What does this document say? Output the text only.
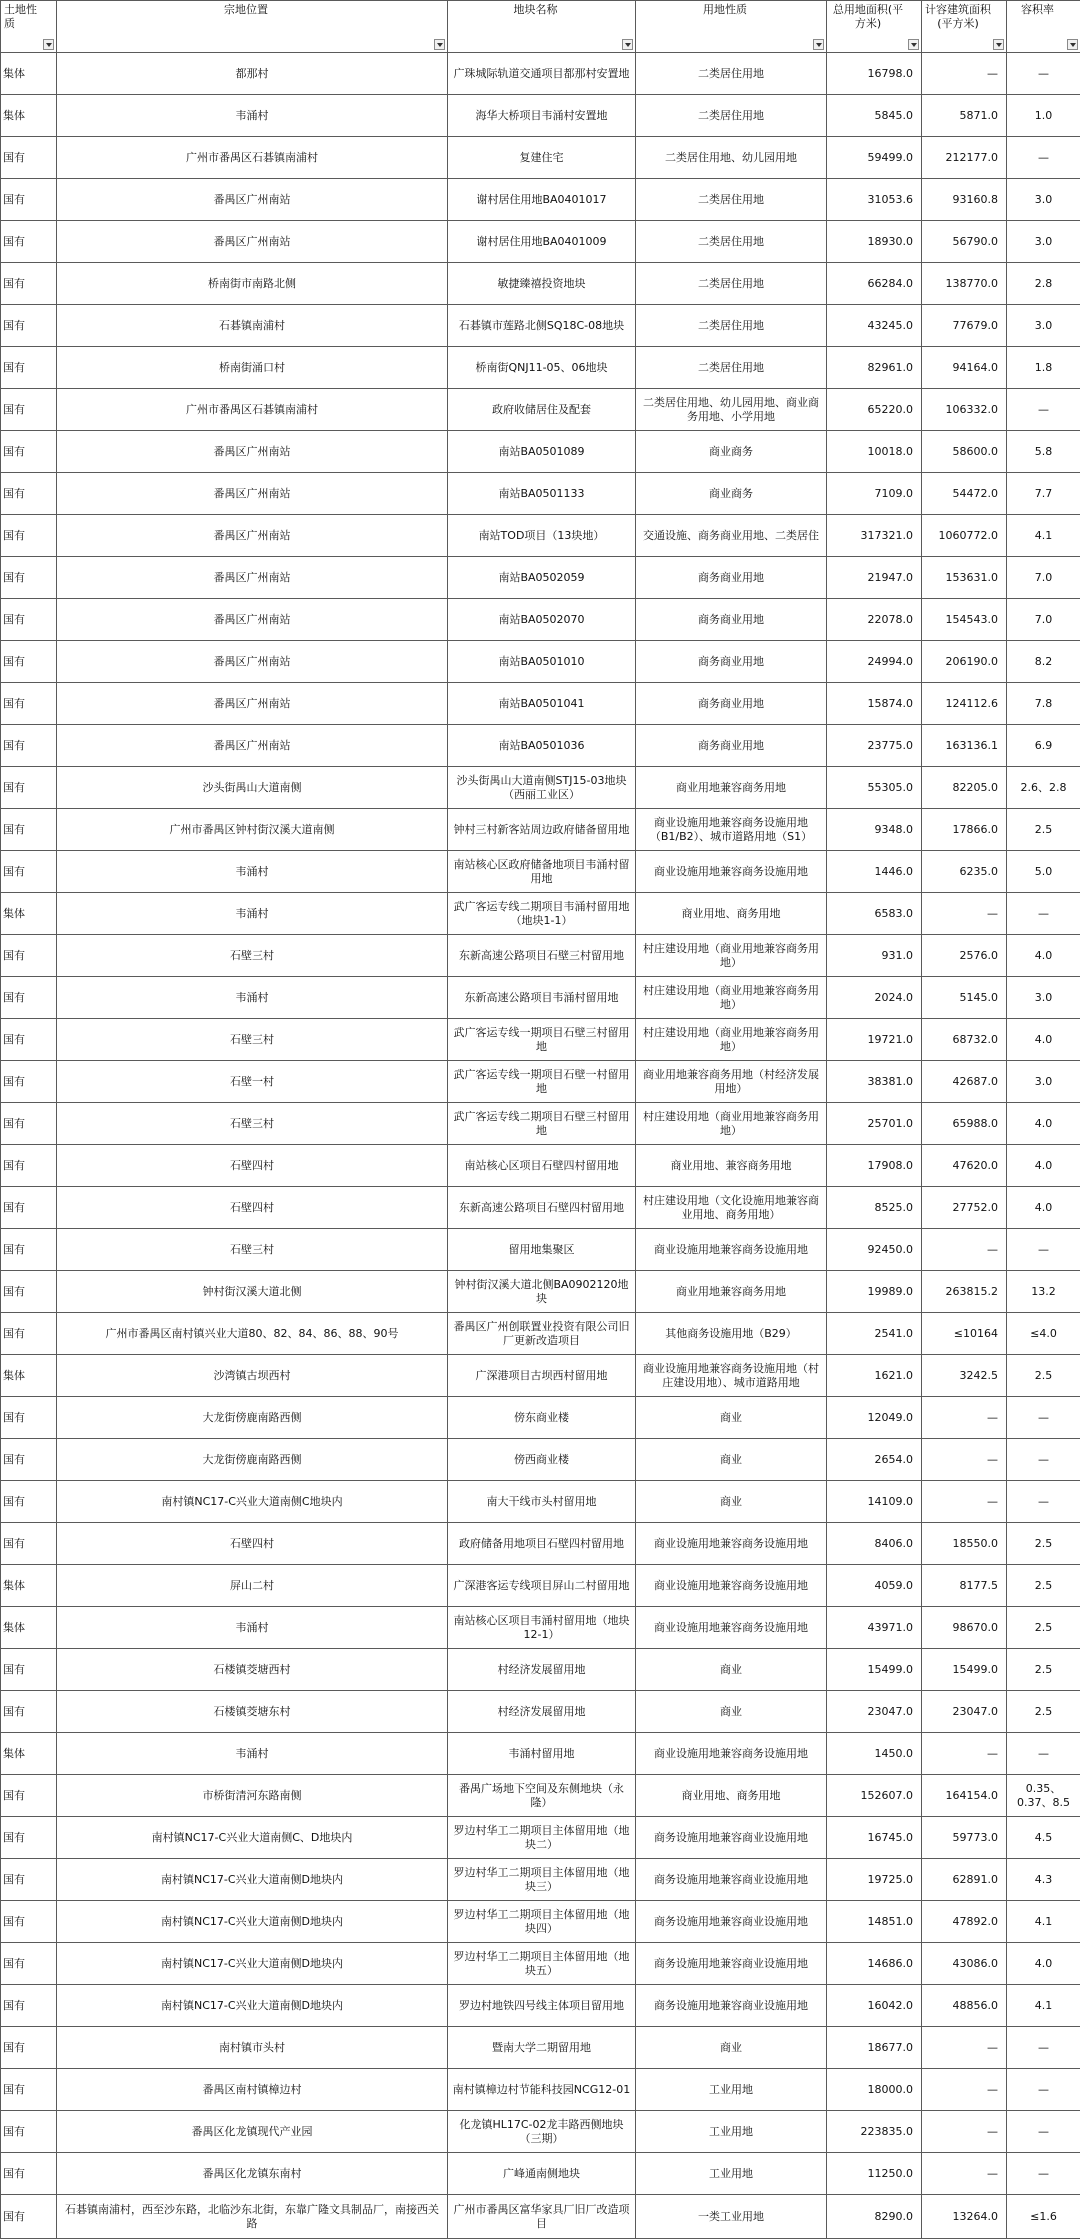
土地性质	宗地位置	地块名称	用地性质	总用地面积(平方米)	计容建筑面积(平方米)	容积率

集体	都那村	广珠城际轨道交通项目都那村安置地	二类居住用地	16798.0	—	—
集体	韦涌村	海华大桥项目韦涌村安置地	二类居住用地	5845.0	5871.0	1.0
国有	广州市番禺区石碁镇南浦村	复建住宅	二类居住用地、幼儿园用地	59499.0	212177.0	—
国有	番禺区广州南站	谢村居住用地BA0401017	二类居住用地	31053.6	93160.8	3.0
国有	番禺区广州南站	谢村居住用地BA0401009	二类居住用地	18930.0	56790.0	3.0
国有	桥南街市南路北侧	敏捷臻禧投资地块	二类居住用地	66284.0	138770.0	2.8
国有	石碁镇南浦村	石碁镇市莲路北侧SQ18C-08地块	二类居住用地	43245.0	77679.0	3.0
国有	桥南街涌口村	桥南街QNJ11-05、06地块	二类居住用地	82961.0	94164.0	1.8
国有	广州市番禺区石碁镇南浦村	政府收储居住及配套	二类居住用地、幼儿园用地、商业商务用地、小学用地	65220.0	106332.0	—
国有	番禺区广州南站	南站BA0501089	商业商务	10018.0	58600.0	5.8
国有	番禺区广州南站	南站BA0501133	商业商务	7109.0	54472.0	7.7
国有	番禺区广州南站	南站TOD项目（13块地）	交通设施、商务商业用地、二类居住	317321.0	1060772.0	4.1
国有	番禺区广州南站	南站BA0502059	商务商业用地	21947.0	153631.0	7.0
国有	番禺区广州南站	南站BA0502070	商务商业用地	22078.0	154543.0	7.0
国有	番禺区广州南站	南站BA0501010	商务商业用地	24994.0	206190.0	8.2
国有	番禺区广州南站	南站BA0501041	商务商业用地	15874.0	124112.6	7.8
国有	番禺区广州南站	南站BA0501036	商务商业用地	23775.0	163136.1	6.9
国有	沙头街禺山大道南侧	沙头街禺山大道南侧STJ15-03地块（西丽工业区）	商业用地兼容商务用地	55305.0	82205.0	2.6、2.8
国有	广州市番禺区钟村街汉溪大道南侧	钟村三村新客站周边政府储备留用地	商业设施用地兼容商务设施用地（B1/B2）、城市道路用地（S1）	9348.0	17866.0	2.5
国有	韦涌村	南站核心区政府储备地项目韦涌村留用地	商业设施用地兼容商务设施用地	1446.0	6235.0	5.0
集体	韦涌村	武广客运专线二期项目韦涌村留用地（地块1-1）	商业用地、商务用地	6583.0	—	—
国有	石壁三村	东新高速公路项目石壁三村留用地	村庄建设用地（商业用地兼容商务用地）	931.0	2576.0	4.0
国有	韦涌村	东新高速公路项目韦涌村留用地	村庄建设用地（商业用地兼容商务用地）	2024.0	5145.0	3.0
国有	石壁三村	武广客运专线一期项目石壁三村留用地	村庄建设用地（商业用地兼容商务用地）	19721.0	68732.0	4.0
国有	石壁一村	武广客运专线一期项目石壁一村留用地	商业用地兼容商务用地（村经济发展用地）	38381.0	42687.0	3.0
国有	石壁三村	武广客运专线二期项目石壁三村留用地	村庄建设用地（商业用地兼容商务用地）	25701.0	65988.0	4.0
国有	石壁四村	南站核心区项目石壁四村留用地	商业用地、兼容商务用地	17908.0	47620.0	4.0
国有	石壁四村	东新高速公路项目石壁四村留用地	村庄建设用地（文化设施用地兼容商业用地、商务用地）	8525.0	27752.0	4.0
国有	石壁三村	留用地集聚区	商业设施用地兼容商务设施用地	92450.0	—	—
国有	钟村街汉溪大道北侧	钟村街汉溪大道北侧BA0902120地块	商业用地兼容商务用地	19989.0	263815.2	13.2
国有	广州市番禺区南村镇兴业大道80、82、84、86、88、90号	番禺区广州创联置业投资有限公司旧厂更新改造项目	其他商务设施用地（B29）	2541.0	≤10164	≤4.0
集体	沙湾镇古坝西村	广深港项目古坝西村留用地	商业设施用地兼容商务设施用地（村庄建设用地）、城市道路用地	1621.0	3242.5	2.5
国有	大龙街傍鹿南路西侧	傍东商业楼	商业	12049.0	—	—
国有	大龙街傍鹿南路西侧	傍西商业楼	商业	2654.0	—	—
国有	南村镇NC17-C兴业大道南侧C地块内	南大干线市头村留用地	商业	14109.0	—	—
国有	石壁四村	政府储备用地项目石壁四村留用地	商业设施用地兼容商务设施用地	8406.0	18550.0	2.5
集体	屏山二村	广深港客运专线项目屏山二村留用地	商业设施用地兼容商务设施用地	4059.0	8177.5	2.5
集体	韦涌村	南站核心区项目韦涌村留用地（地块12-1）	商业设施用地兼容商务设施用地	43971.0	98670.0	2.5
国有	石楼镇茭塘西村	村经济发展留用地	商业	15499.0	15499.0	2.5
国有	石楼镇茭塘东村	村经济发展留用地	商业	23047.0	23047.0	2.5
集体	韦涌村	韦涌村留用地	商业设施用地兼容商务设施用地	1450.0	—	—
国有	市桥街清河东路南侧	番禺广场地下空间及东侧地块（永隆）	商业用地、商务用地	152607.0	164154.0	0.35、0.37、8.5
国有	南村镇NC17-C兴业大道南侧C、D地块内	罗边村华工二期项目主体留用地（地块二）	商务设施用地兼容商业设施用地	16745.0	59773.0	4.5
国有	南村镇NC17-C兴业大道南侧D地块内	罗边村华工二期项目主体留用地（地块三）	商务设施用地兼容商业设施用地	19725.0	62891.0	4.3
国有	南村镇NC17-C兴业大道南侧D地块内	罗边村华工二期项目主体留用地（地块四）	商务设施用地兼容商业设施用地	14851.0	47892.0	4.1
国有	南村镇NC17-C兴业大道南侧D地块内	罗边村华工二期项目主体留用地（地块五）	商务设施用地兼容商业设施用地	14686.0	43086.0	4.0
国有	南村镇NC17-C兴业大道南侧D地块内	罗边村地铁四号线主体项目留用地	商务设施用地兼容商业设施用地	16042.0	48856.0	4.1
国有	南村镇市头村	暨南大学二期留用地	商业	18677.0	—	—
国有	番禺区南村镇樟边村	南村镇樟边村节能科技园NCG12-01	工业用地	18000.0	—	—
国有	番禺区化龙镇现代产业园	化龙镇HL17C-02龙丰路西侧地块（三期）	工业用地	223835.0	—	—
国有	番禺区化龙镇东南村	广峰通南侧地块	工业用地	11250.0	—	—
国有	石碁镇南浦村，西至沙东路，北临沙东北街，东靠广隆文具制品厂，南接西关路	广州市番禺区富华家具厂旧厂改造项目	一类工业用地	8290.0	13264.0	≤1.6
